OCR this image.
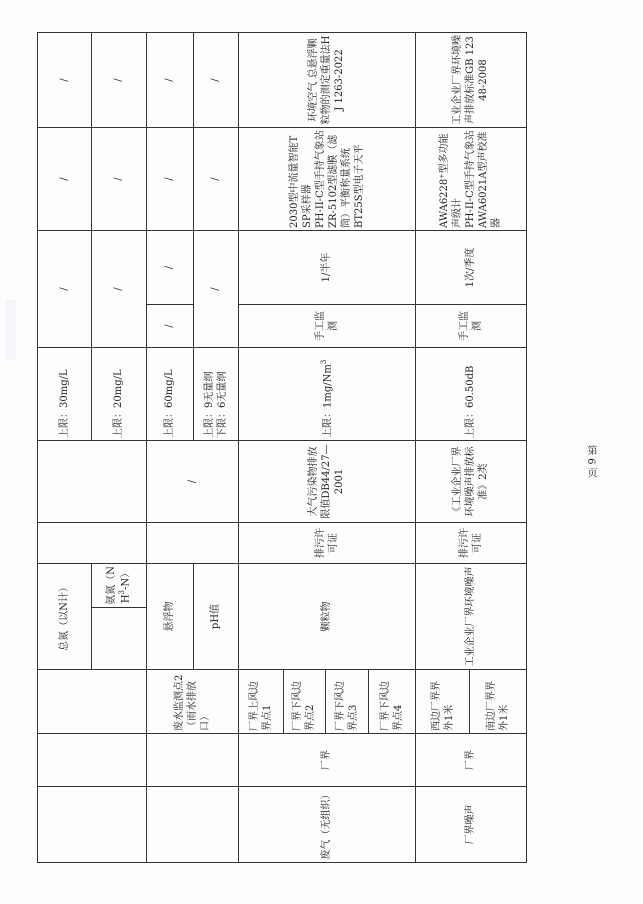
			总氮（以N计）				上限：30mg/L	/		/	/
				氨氮$(NH^3-N)$			上限：20mg/L	/		/	/
		废水监测点2（雨水排放口）	悬浮物			/	上限：60mg/L	/	/	/	/
			pH值				上限：9无量纲 下限：6无量纲	/		/	/
废气（无组织）	厂界	厂界上风边界点1	颗粒物		排污许可证	大气污染物排放限值DB44/27—2001	上限：1mg/Nm$^3$	手工监测	1/半年	2030型中流量智能TSP采样器 PH-II-C型手持气象站 ZR-5102型滤膜（滤筒）平衡称量系统 BT25S型电子天平	环境空气 总悬浮颗粒物的测定重量法HJ 1263-2022
		厂界下风边界点2									
		厂界下风边界点3									
		厂界下风边界点4									
厂界噪声	厂界	西边厂界界外1米	工业企业厂界环境噪声		排污许可证	《工业企业厂界环境噪声排放标准》2类	上限：60.50dB	手工监测	1次/季度	AWA6228⁺型多功能声级计 PH-II-C型手持气象站 AWA6021A型声校准器	工业企业厂界环境噪声排放标准GB 12348-2008
		南边厂界界外1米									
第 6 页
